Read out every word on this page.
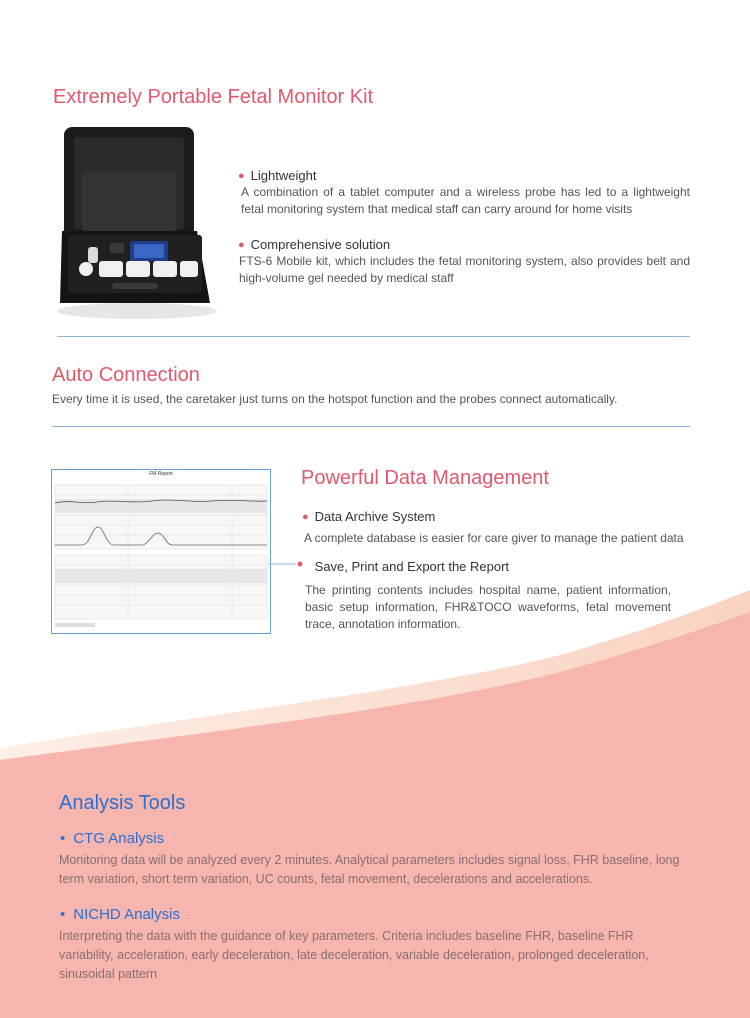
Extremely Portable Fetal Monitor Kit
● Lightweight
A combination of a tablet computer and a wireless probe has led to a lightweight fetal monitoring system that medical staff can carry around for home visits
● Comprehensive solution
FTS-6 Mobile kit, which includes the fetal monitoring system, also provides belt and high-volume gel needed by medical staff
Auto Connection
Every time it is used, the caretaker just turns on the hotspot function and the probes connect automatically.
FM Report	Powerful Data Management
● Data Archive System
A complete database is easier for care giver to manage the patient data
Save, Print and Export the Report
The printing contents includes hospital name, patient information, basic setup information, FHR&TOCO waveforms, fetal movement trace, annotation information.
Analysis Tools
• CTG Analysis
Monitoring data will be analyzed every 2 minutes. Analytical parameters includes signal loss, FHR baseline, long term variation, short term variation, UC counts, fetal movement, decelerations and accelerations.
• NICHD Analysis
Interpreting the data with the guidance of key parameters. Criteria includes baseline FHR, baseline FHR variability, acceleration, early deceleration, late deceleration, variable deceleration, prolonged deceleration, sinusoidal pattern
